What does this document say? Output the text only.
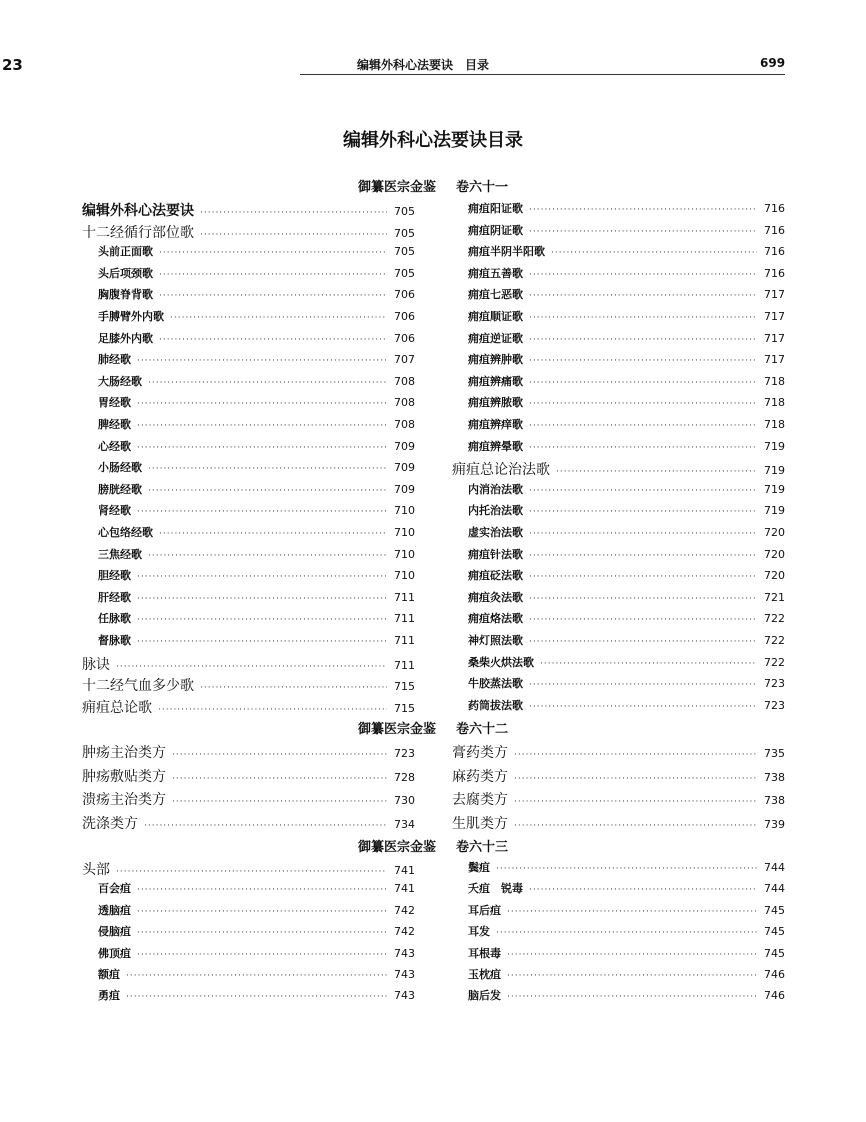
23	编辑外科心法要诀　目录	699
编辑外科心法要诀目录
御纂医宗金鉴 卷六十一
编辑外科心法要诀 ·····	705
十二经循行部位歌 ·····	705
头前正面歌 ·····	705
头后项颈歌 ·····	705
胸腹脊背歌 ·····	706
手膊臂外内歌 ·····	706
足膝外内歌 ·····	706
肺经歌 ·····	707
大肠经歌 ·····	708
胃经歌 ·····	708
脾经歌 ·····	708
心经歌 ·····	709
小肠经歌 ·····	709
膀胱经歌 ·····	709
肾经歌 ·····	710
心包络经歌 ·····	710
三焦经歌 ·····	710
胆经歌 ·····	710
肝经歌 ·····	711
任脉歌 ·····	711
督脉歌 ·····	711
脉诀 ·····	711
十二经气血多少歌 ·····	715
痈疽总论歌 ·····	715
痈疽阳证歌 ·····	716
痈疽阴证歌 ·····	716
痈疽半阴半阳歌 ·····	716
痈疽五善歌 ·····	716
痈疽七恶歌 ·····	717
痈疽顺证歌 ·····	717
痈疽逆证歌 ·····	717
痈疽辨肿歌 ·····	717
痈疽辨痛歌 ·····	718
痈疽辨脓歌 ·····	718
痈疽辨痒歌 ·····	718
痈疽辨晕歌 ·····	719
痈疽总论治法歌 ·····	719
内消治法歌 ·····	719
内托治法歌 ·····	719
虚实治法歌 ·····	720
痈疽针法歌 ·····	720
痈疽砭法歌 ·····	720
痈疽灸法歌 ·····	721
痈疽烙法歌 ·····	722
神灯照法歌 ·····	722
桑柴火烘法歌 ·····	722
牛胶蒸法歌 ·····	723
药筒拔法歌 ·····	723
御纂医宗金鉴 卷六十二
肿疡主治类方 ·····	723
肿疡敷贴类方 ·····	728
溃疡主治类方 ·····	730
洗涤类方 ·····	734
膏药类方 ·····	735
麻药类方 ·····	738
去腐类方 ·····	738
生肌类方 ·····	739
御纂医宗金鉴 卷六十三
头部 ·····	741
百会疽 ·····	741
透脑疽 ·····	742
侵脑疽 ·····	742
佛顶疽 ·····	743
额疽 ·····	743
勇疽 ·····	743
鬓疽 ·····	744
夭疽　锐毒 ·····	744
耳后疽 ·····	745
耳发 ·····	745
耳根毒 ·····	745
玉枕疽 ·····	746
脑后发 ·····	746
